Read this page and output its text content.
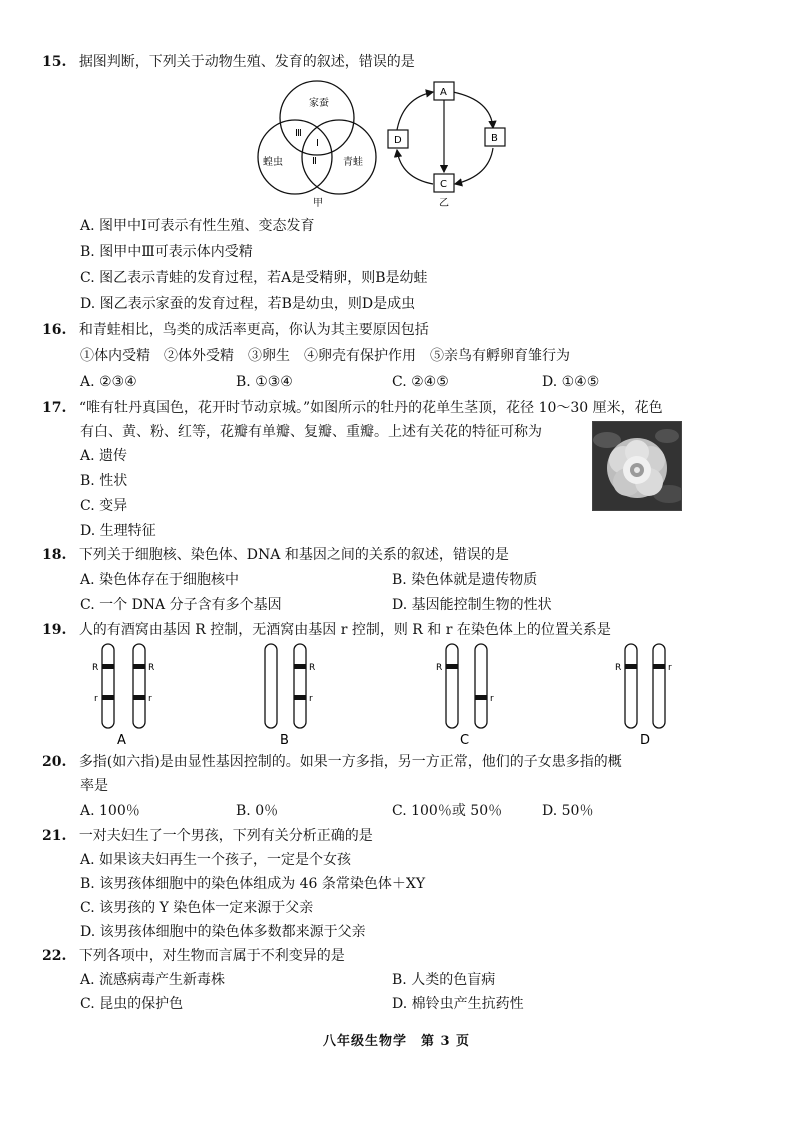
15. 据图判断，下列关于动物生殖、发育的叙述，错误的是
家蚕
蝗虫	青蛙
Ⅲ
Ⅰ
Ⅱ
甲
A
B
C
D
乙
A. 图甲中Ⅰ可表示有性生殖、变态发育
B. 图甲中Ⅲ可表示体内受精
C. 图乙表示青蛙的发育过程，若A是受精卵，则B是幼蛙
D. 图乙表示家蚕的发育过程，若B是幼虫，则D是成虫
16. 和青蛙相比，鸟类的成活率更高，你认为其主要原因包括
①体内受精　②体外受精　③卵生　④卵壳有保护作用　⑤亲鸟有孵卵育雏行为
A. ②③④	B. ①③④	C. ②④⑤	D. ①④⑤
17. “唯有牡丹真国色，花开时节动京城。”如图所示的牡丹的花单生茎顶，花径 10～30 厘米，花色
有白、黄、粉、红等，花瓣有单瓣、复瓣、重瓣。上述有关花的特征可称为
A. 遗传
B. 性状
C. 变异
D. 生理特征
18. 下列关于细胞核、染色体、DNA 和基因之间的关系的叙述，错误的是
A. 染色体存在于细胞核中	B. 染色体就是遗传物质
C. 一个 DNA 分子含有多个基因	D. 基因能控制生物的性状
19. 人的有酒窝由基因 R 控制，无酒窝由基因 r 控制，则 R 和 r 在染色体上的位置关系是
R	R
r	r
A
R
r
B
R
r
C
R	r
D
20. 多指(如六指)是由显性基因控制的。如果一方多指，另一方正常，他们的子女患多指的概
率是
A. 100％	B. 0％	C. 100％或 50％	D. 50％
21. 一对夫妇生了一个男孩，下列有关分析正确的是
A. 如果该夫妇再生一个孩子，一定是个女孩
B. 该男孩体细胞中的染色体组成为 46 条常染色体＋XY
C. 该男孩的 Y 染色体一定来源于父亲
D. 该男孩体细胞中的染色体多数都来源于父亲
22. 下列各项中，对生物而言属于不利变异的是
A. 流感病毒产生新毒株	B. 人类的色盲病
C. 昆虫的保护色	D. 棉铃虫产生抗药性
八年级生物学　第 3 页
